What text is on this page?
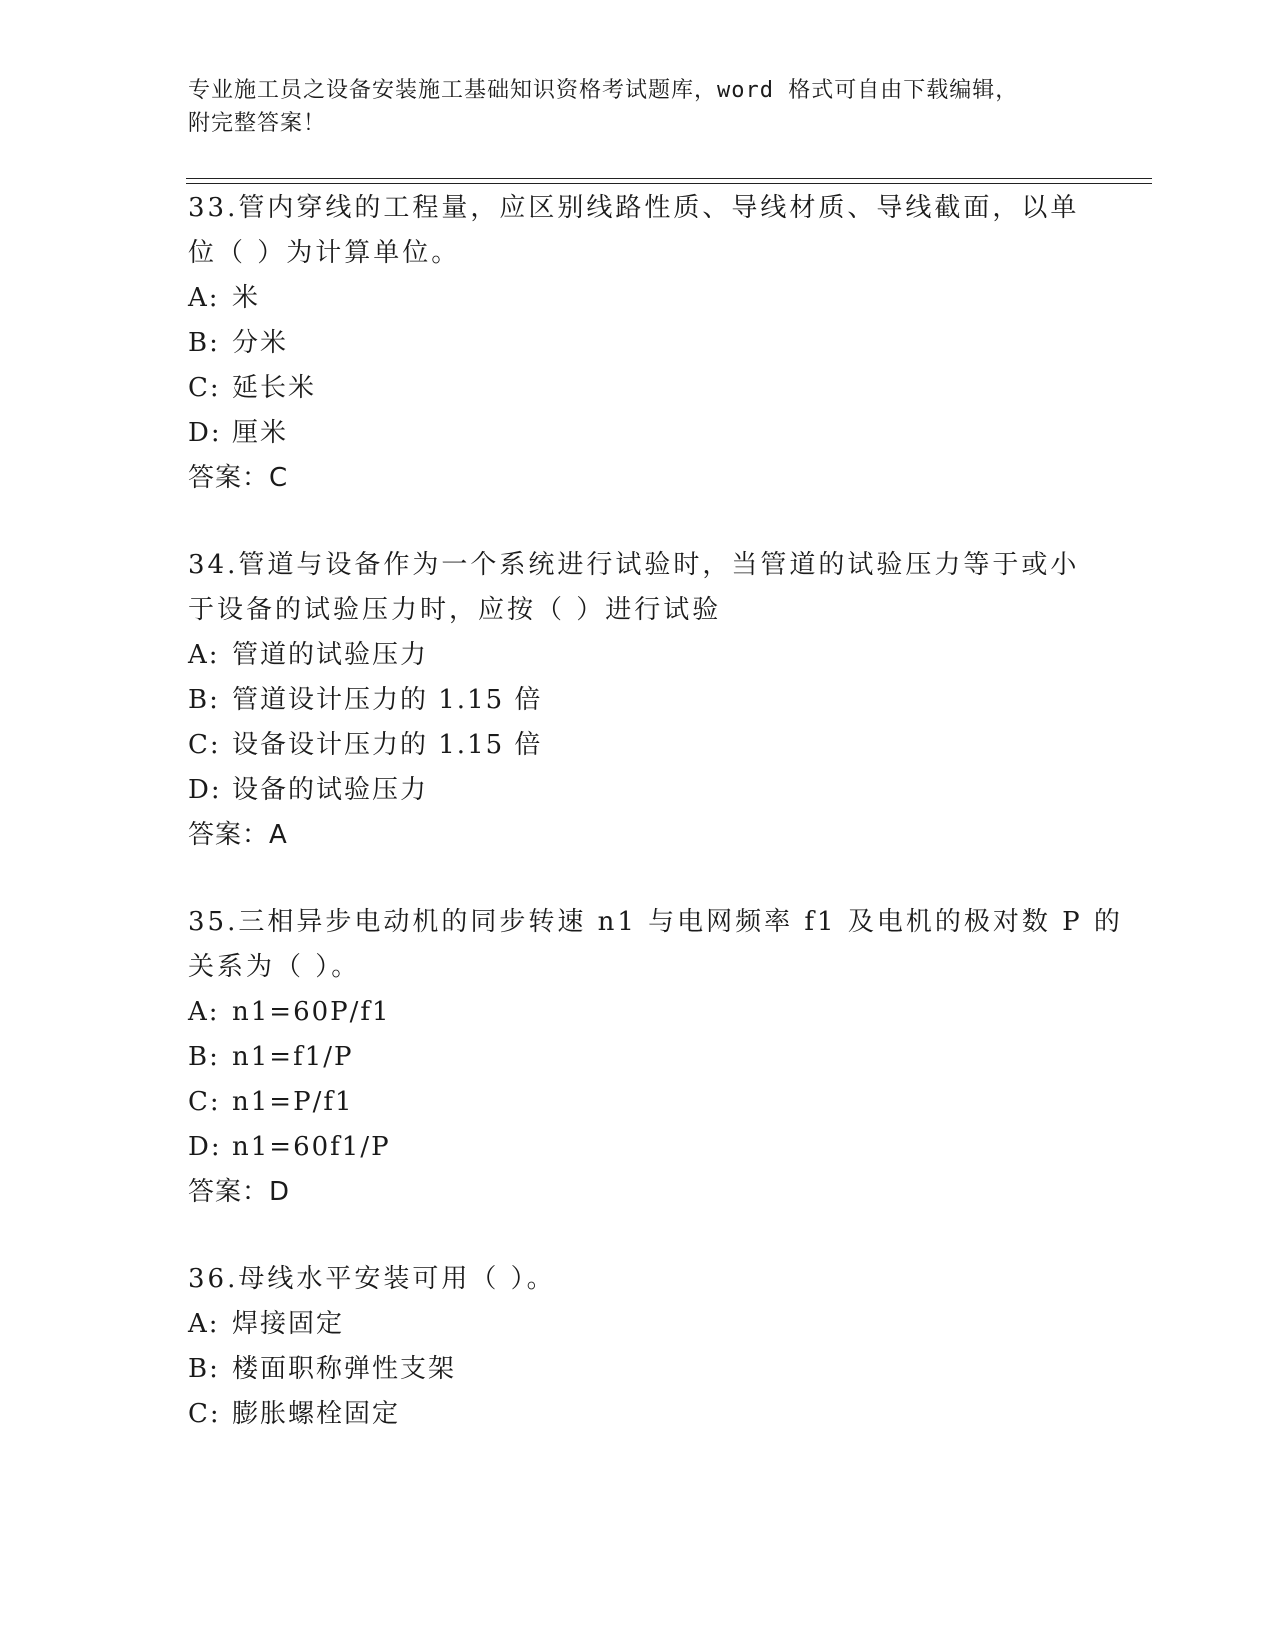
专业施工员之设备安装施工基础知识资格考试题库，word 格式可自由下载编辑，
附完整答案！
33.管内穿线的工程量，应区别线路性质、导线材质、导线截面，以单
位（ ）为计算单位。
A: 米
B: 分米
C: 延长米
D: 厘米
答案：C
34.管道与设备作为一个系统进行试验时，当管道的试验压力等于或小
于设备的试验压力时，应按（ ）进行试验
A: 管道的试验压力
B: 管道设计压力的 1.15 倍
C: 设备设计压力的 1.15 倍
D: 设备的试验压力
答案：A
35.三相异步电动机的同步转速 n1 与电网频率 f1 及电机的极对数 P 的
关系为（ ）。
A: n1=60P/f1
B: n1=f1/P
C: n1=P/f1
D: n1=60f1/P
答案：D
36.母线水平安装可用（ ）。
A: 焊接固定
B: 楼面职称弹性支架
C: 膨胀螺栓固定
